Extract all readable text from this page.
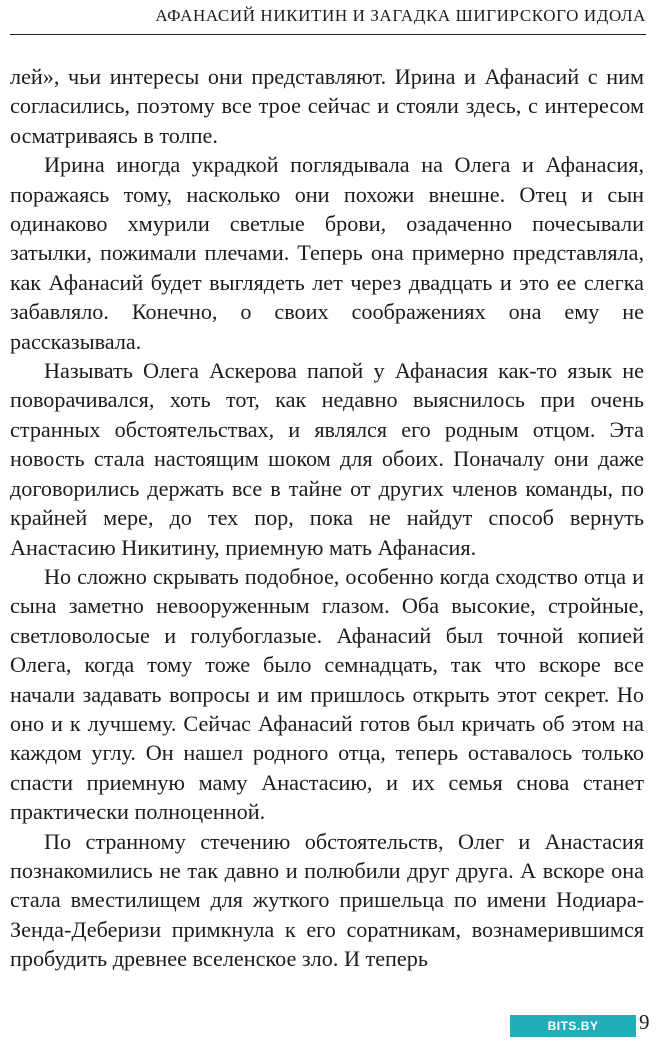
АФАНАСИЙ НИКИТИН И ЗАГАДКА ШИГИРСКОГО ИДОЛА

лей», чьи интересы они представляют. Ирина и Афанасий с ним согласились, поэтому все трое сейчас и стояли здесь, с интересом осматриваясь в толпе.

Ирина иногда украдкой поглядывала на Олега и Афанасия, поражаясь тому, насколько они похожи внешне. Отец и сын одинаково хмурили светлые брови, озадаченно почесывали затылки, пожимали плечами. Теперь она примерно представляла, как Афанасий будет выглядеть лет через двадцать и это ее слегка забавляло. Конечно, о своих соображениях она ему не рассказывала.

Называть Олега Аскерова папой у Афанасия как-то язык не поворачивался, хоть тот, как недавно выяснилось при очень странных обстоятельствах, и являлся его родным отцом. Эта новость стала настоящим шоком для обоих. Поначалу они даже договорились держать все в тайне от других членов команды, по крайней мере, до тех пор, пока не найдут способ вернуть Анастасию Никитину, приемную мать Афанасия.

Но сложно скрывать подобное, особенно когда сходство отца и сына заметно невооруженным глазом. Оба высокие, стройные, светловолосые и голубоглазые. Афанасий был точной копией Олега, когда тому тоже было семнадцать, так что вскоре все начали задавать вопросы и им пришлось открыть этот секрет. Но оно и к лучшему. Сейчас Афанасий готов был кричать об этом на каждом углу. Он нашел родного отца, теперь оставалось только спасти приемную маму Анастасию, и их семья снова станет практически полноценной.

По странному стечению обстоятельств, Олег и Анастасия познакомились не так давно и полюбили друг друга. А вскоре она стала вместилищем для жуткого пришельца по имени Нодиара-Зенда-Деберизи примкнула к его соратникам, вознамерившимся пробудить древнее вселенское зло. И теперь

BITS.BY 9
